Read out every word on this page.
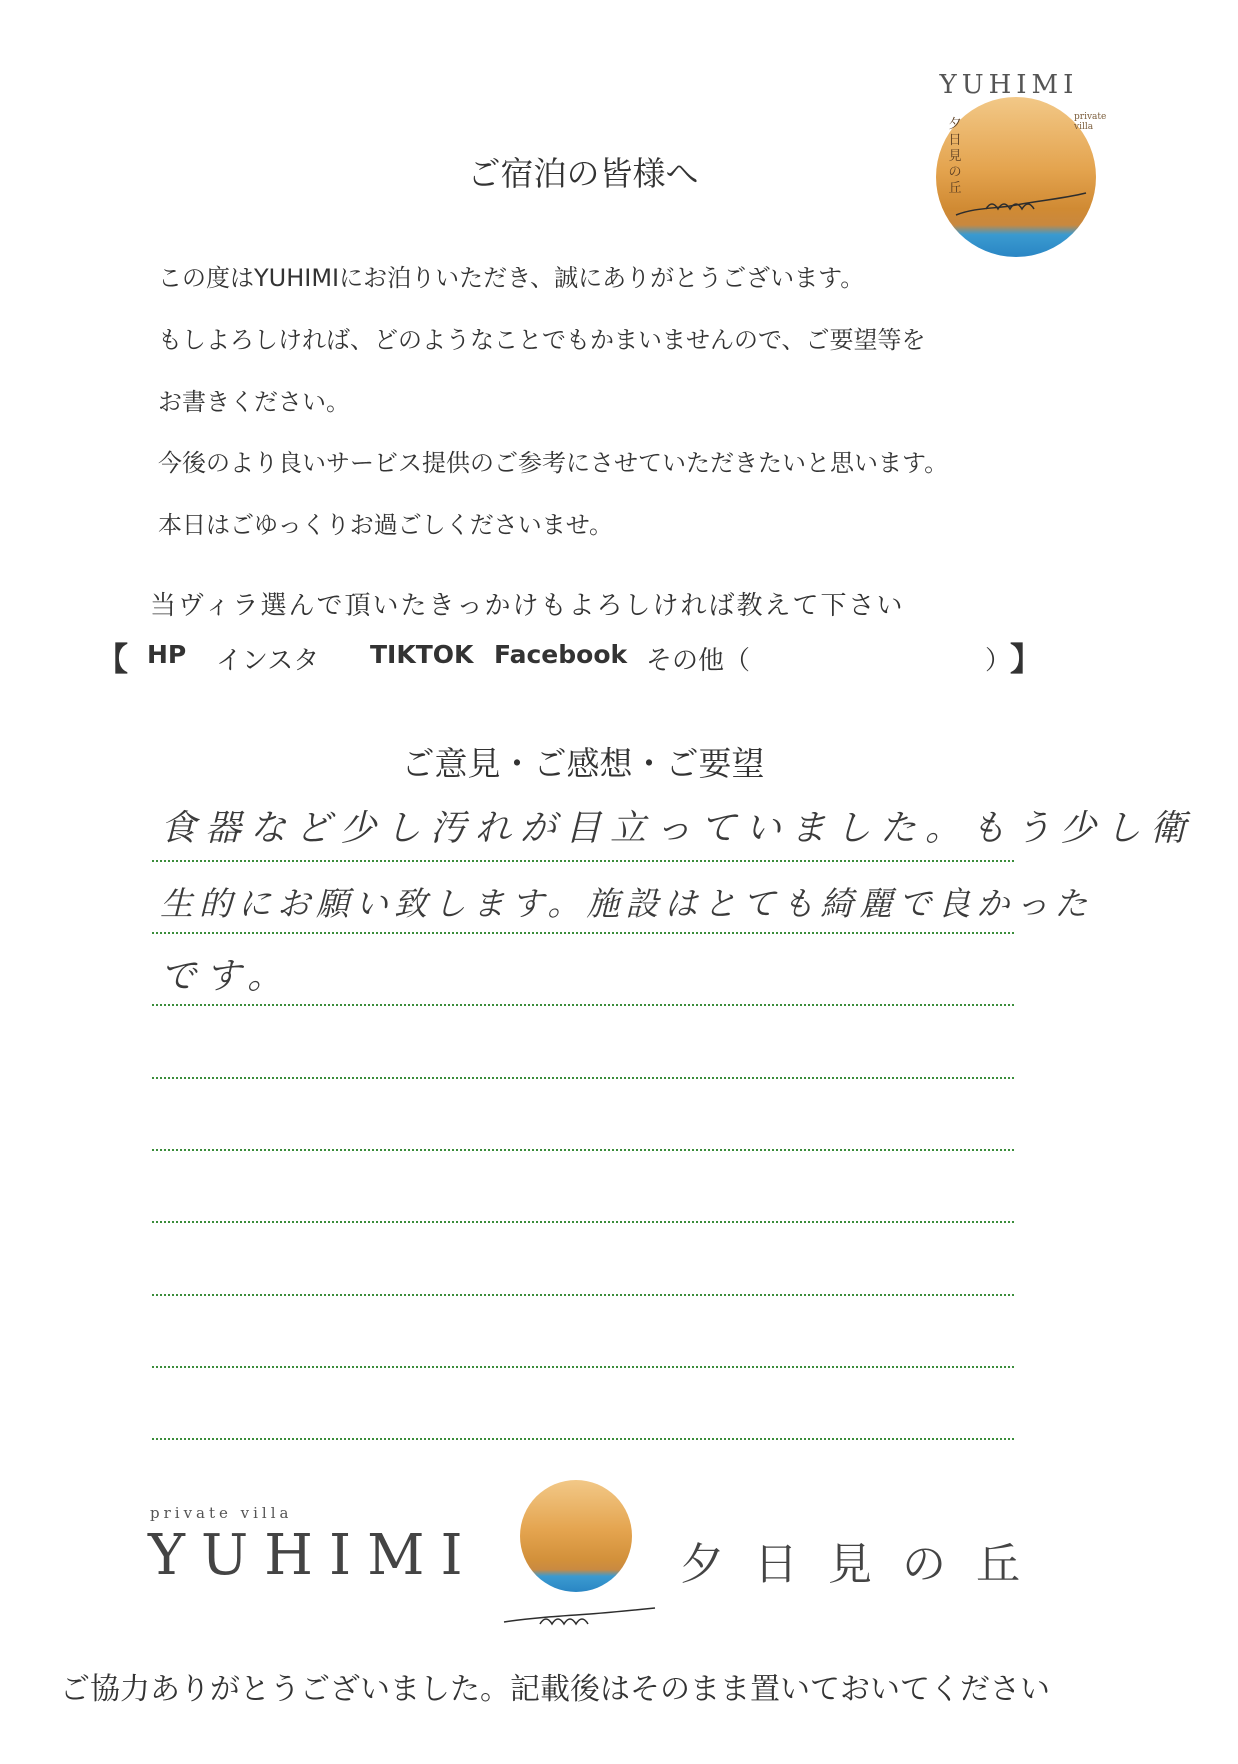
YUHIMI
夕日見の丘
private villa
ご宿泊の皆様へ

この度はYUHIMIにお泊りいただき、誠にありがとうございます。

もしよろしければ、どのようなことでもかまいませんので、ご要望等を

お書きください。

今後のより良いサービス提供のご参考にさせていただきたいと思います。

本日はごゆっくりお過ごしくださいませ。

当ヴィラ選んで頂いたきっかけもよろしければ教えて下さい
【 HP インスタ TIKTOK Facebook その他（	）
】
ご意見・ご感想・ご要望
食器など少し汚れが目立っていました。もう少し衛
生的にお願い致します。施設はとても綺麗で良かった
です。
private villa
YUHIMI	夕日見の丘
ご協力ありがとうございました。記載後はそのまま置いておいてください
